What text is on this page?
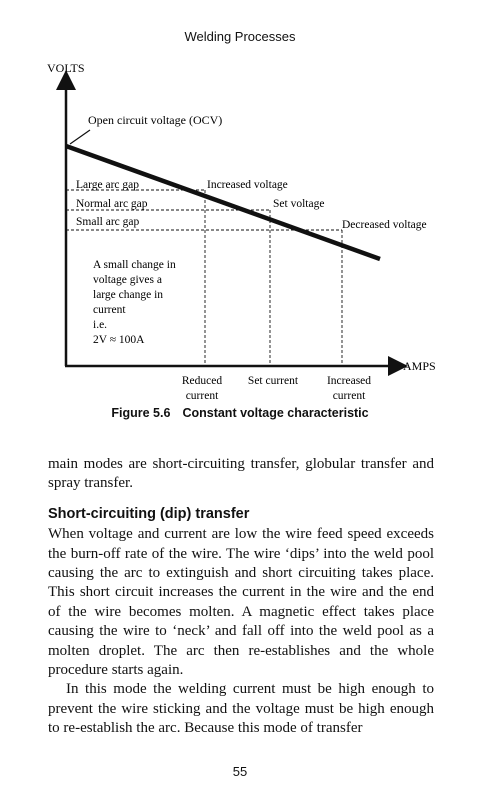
Welding Processes
VOLTS
AMPS
Open circuit voltage (OCV)
Large arc gap
Normal arc gap
Small arc gap
Increased voltage
Set voltage
Decreased voltage
A small change in
voltage gives a
large change in
current
i.e.
2V ≈ 100A
Reduced
current
Set current	Increased
current
Figure 5.6 Constant voltage characteristic

main modes are short-circuiting transfer, globular transfer and spray transfer.

Short-circuiting (dip) transfer

When voltage and current are low the wire feed speed exceeds the burn-off rate of the wire. The wire ‘dips’ into the weld pool causing the arc to extinguish and short circuiting takes place. This short circuit increases the current in the wire and the end of the wire becomes molten. A magnetic effect takes place causing the wire to ‘neck’ and fall off into the weld pool as a molten droplet. The arc then re-establishes and the whole procedure starts again.

In this mode the welding current must be high enough to prevent the wire sticking and the voltage must be high enough to re-establish the arc. Because this mode of transfer

55
